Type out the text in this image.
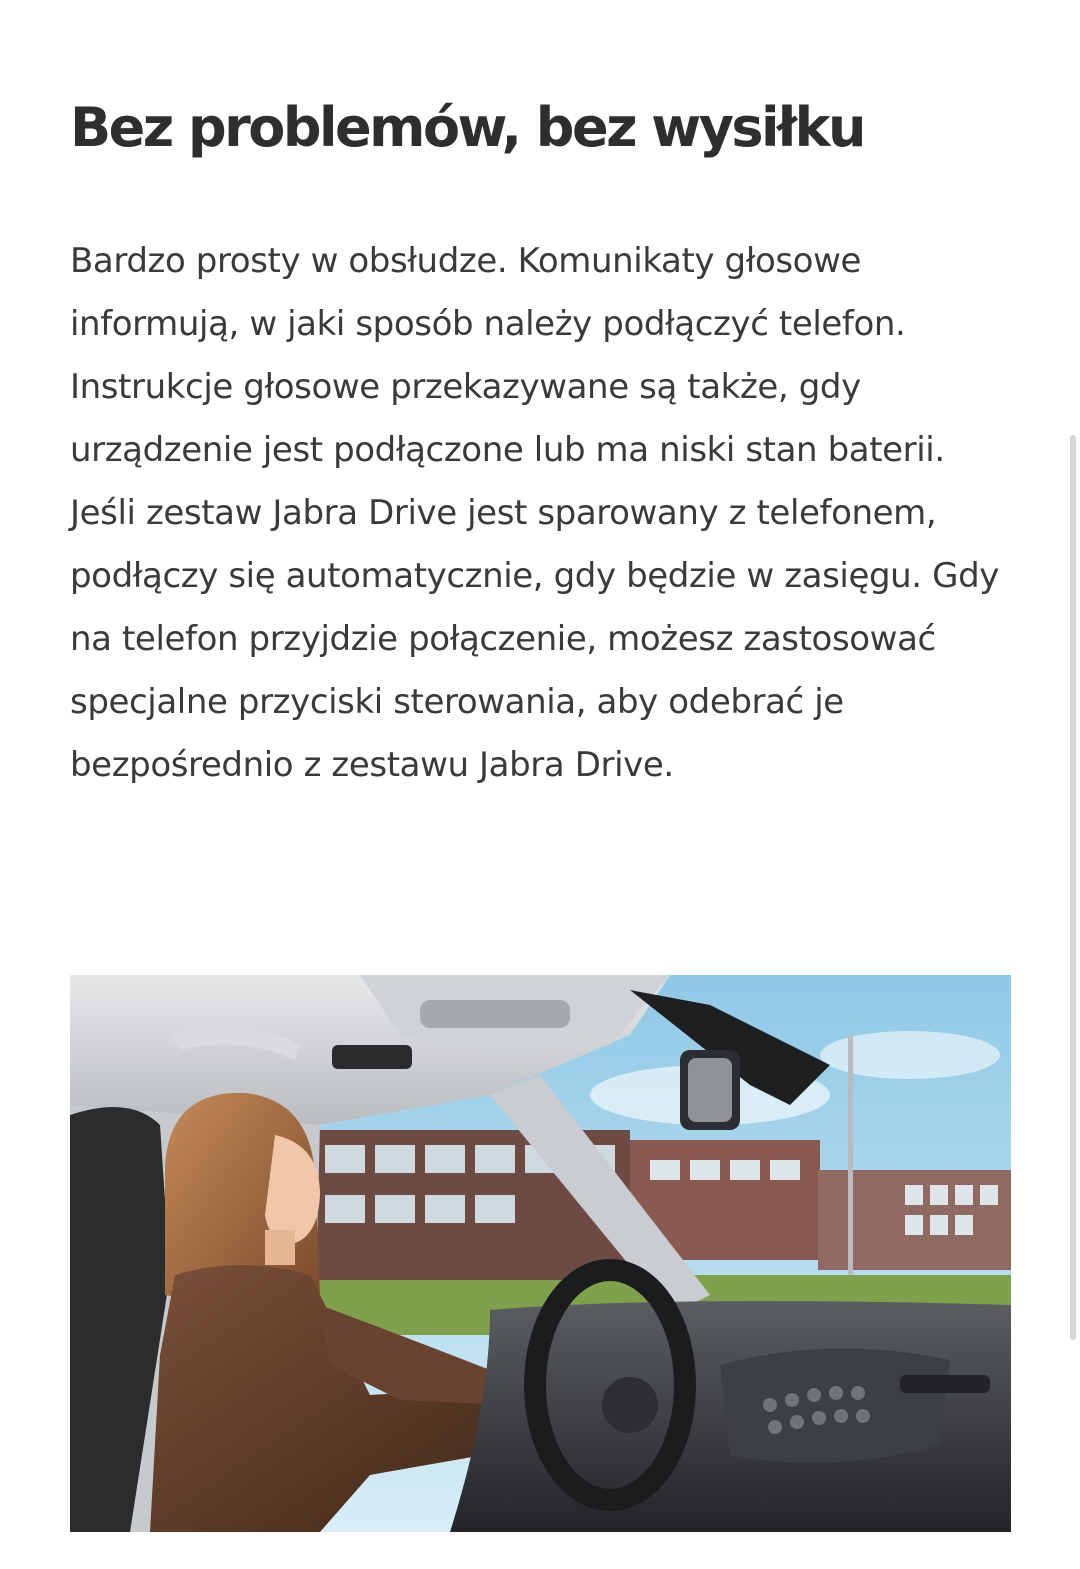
Bez problemów, bez wysiłku

Bardzo prosty w obsłudze. Komunikaty głosowe informują, w jaki sposób należy podłączyć telefon. Instrukcje głosowe przekazywane są także, gdy urządzenie jest podłączone lub ma niski stan baterii. Jeśli zestaw Jabra Drive jest sparowany z telefonem, podłączy się automatycznie, gdy będzie w zasięgu. Gdy na telefon przyjdzie połączenie, możesz zastosować specjalne przyciski sterowania, aby odebrać je bezpośrednio z zestawu Jabra Drive.
